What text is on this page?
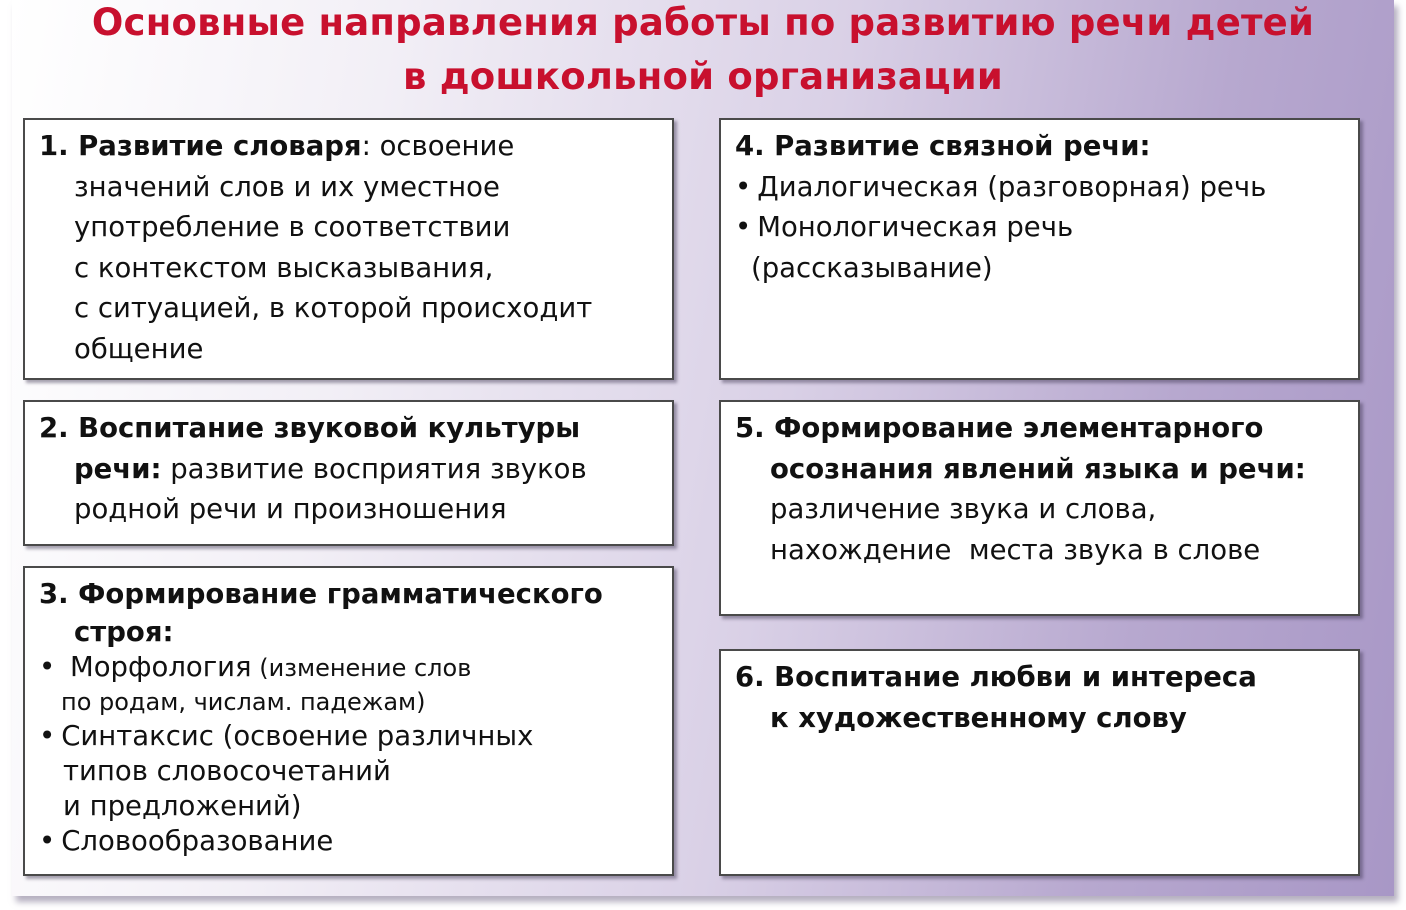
Основные направления работы по развитию речи детей
в дошкольной организации
1. Развитие словаря: освоение
значений слов и их уместное
употребление в соответствии
с контекстом высказывания,
с ситуацией, в которой происходит
общение
2. Воспитание звуковой культуры
речи: развитие восприятия звуков
родной речи и произношения
3. Формирование грамматического
строя:
• Морфология (изменение слов
по родам, числам. падежам)
• Синтаксис (освоение различных
типов словосочетаний
и предложений)
• Словообразование
4. Развитие связной речи:
• Диалогическая (разговорная) речь
• Монологическая речь
(рассказывание)
5. Формирование элементарного
осознания явлений языка и речи:
различение звука и слова,
нахождение  места звука в слове
6. Воспитание любви и интереса
к художественному слову
